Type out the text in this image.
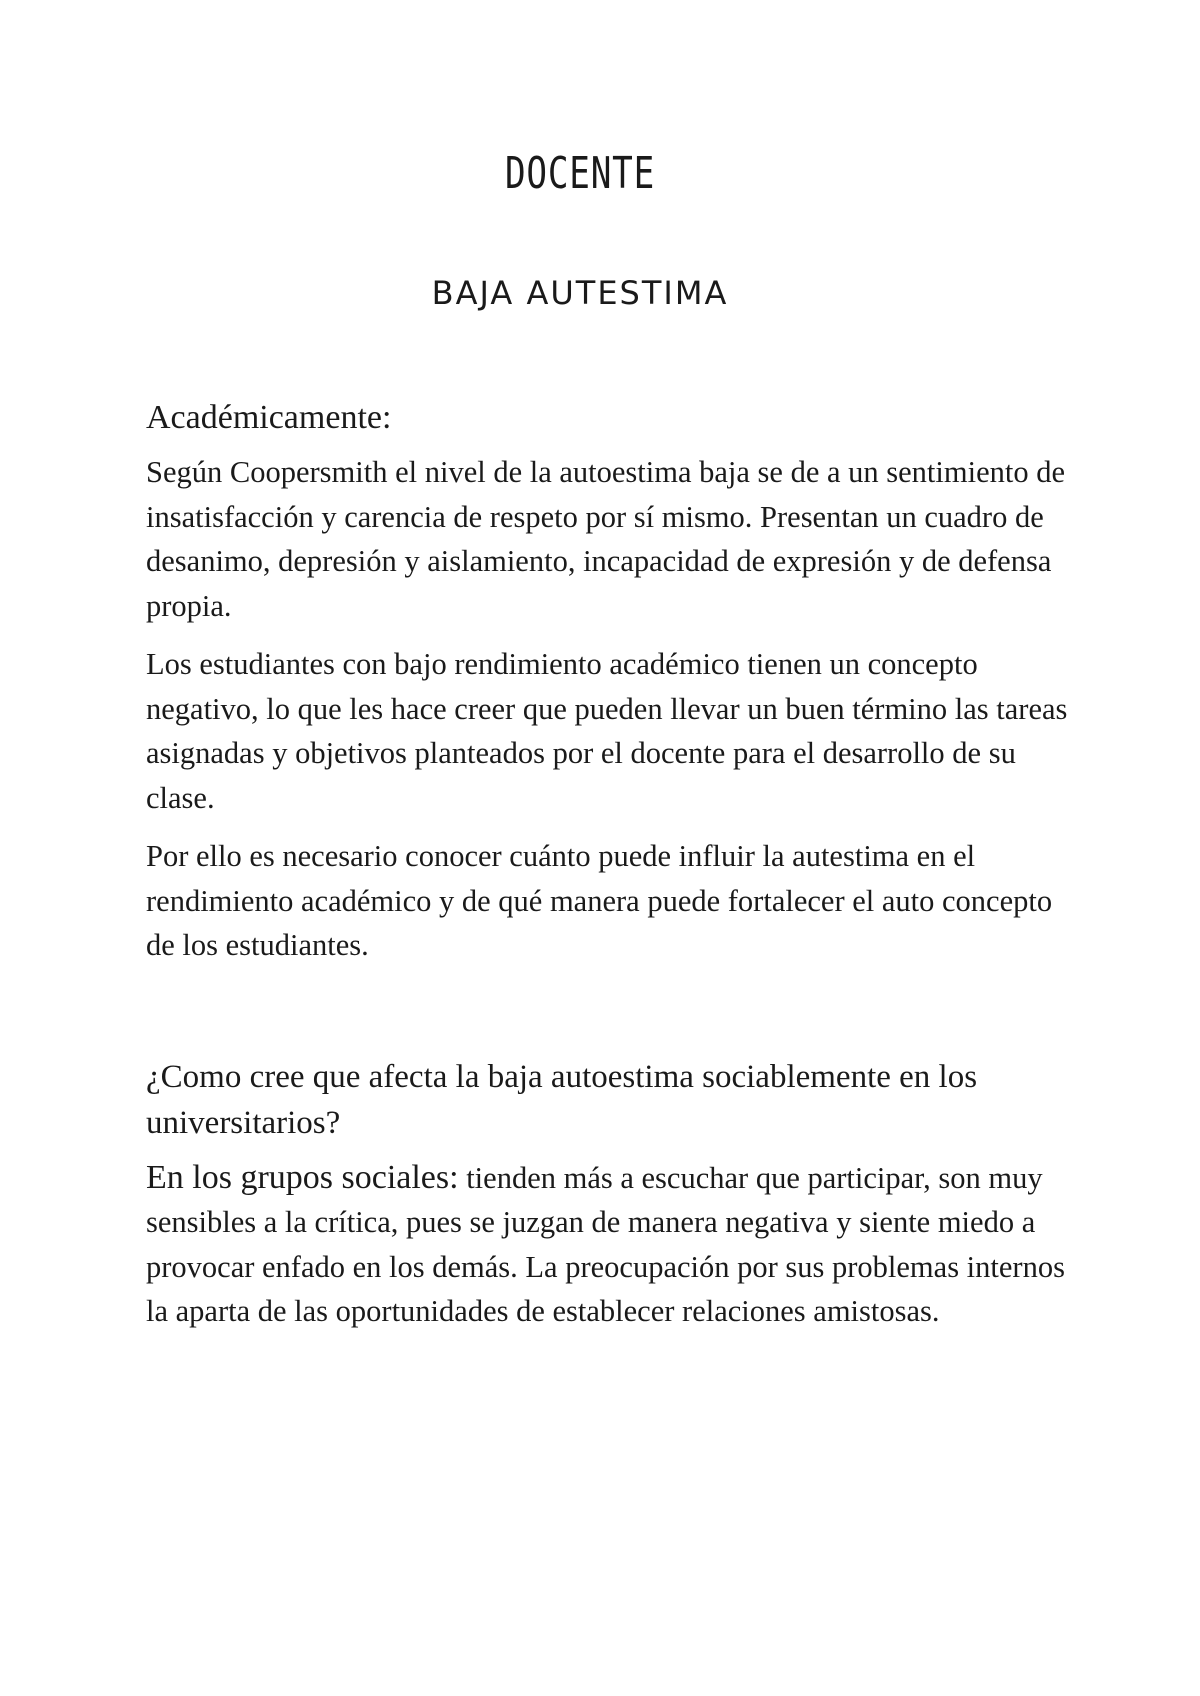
DOCENTE
BAJA AUTESTIMA
Académicamente:

Según Coopersmith el nivel de la autoestima baja se de a un sentimiento de insatisfacción y carencia de respeto por sí mismo. Presentan un cuadro de desanimo, depresión y aislamiento, incapacidad de expresión y de defensa propia.

Los estudiantes con bajo rendimiento académico tienen un concepto negativo, lo que les hace creer que pueden llevar un buen término las tareas asignadas y objetivos planteados por el docente para el desarrollo de su clase.

Por ello es necesario conocer cuánto puede influir la autestima en el rendimiento académico y de qué manera puede fortalecer el auto concepto de los estudiantes.

¿Como cree que afecta la baja autoestima sociablemente en los universitarios?

En los grupos sociales: tienden más a escuchar que participar, son muy sensibles a la crítica, pues se juzgan de manera negativa y siente miedo a provocar enfado en los demás. La preocupación por sus problemas internos la aparta de las oportunidades de establecer relaciones amistosas.
